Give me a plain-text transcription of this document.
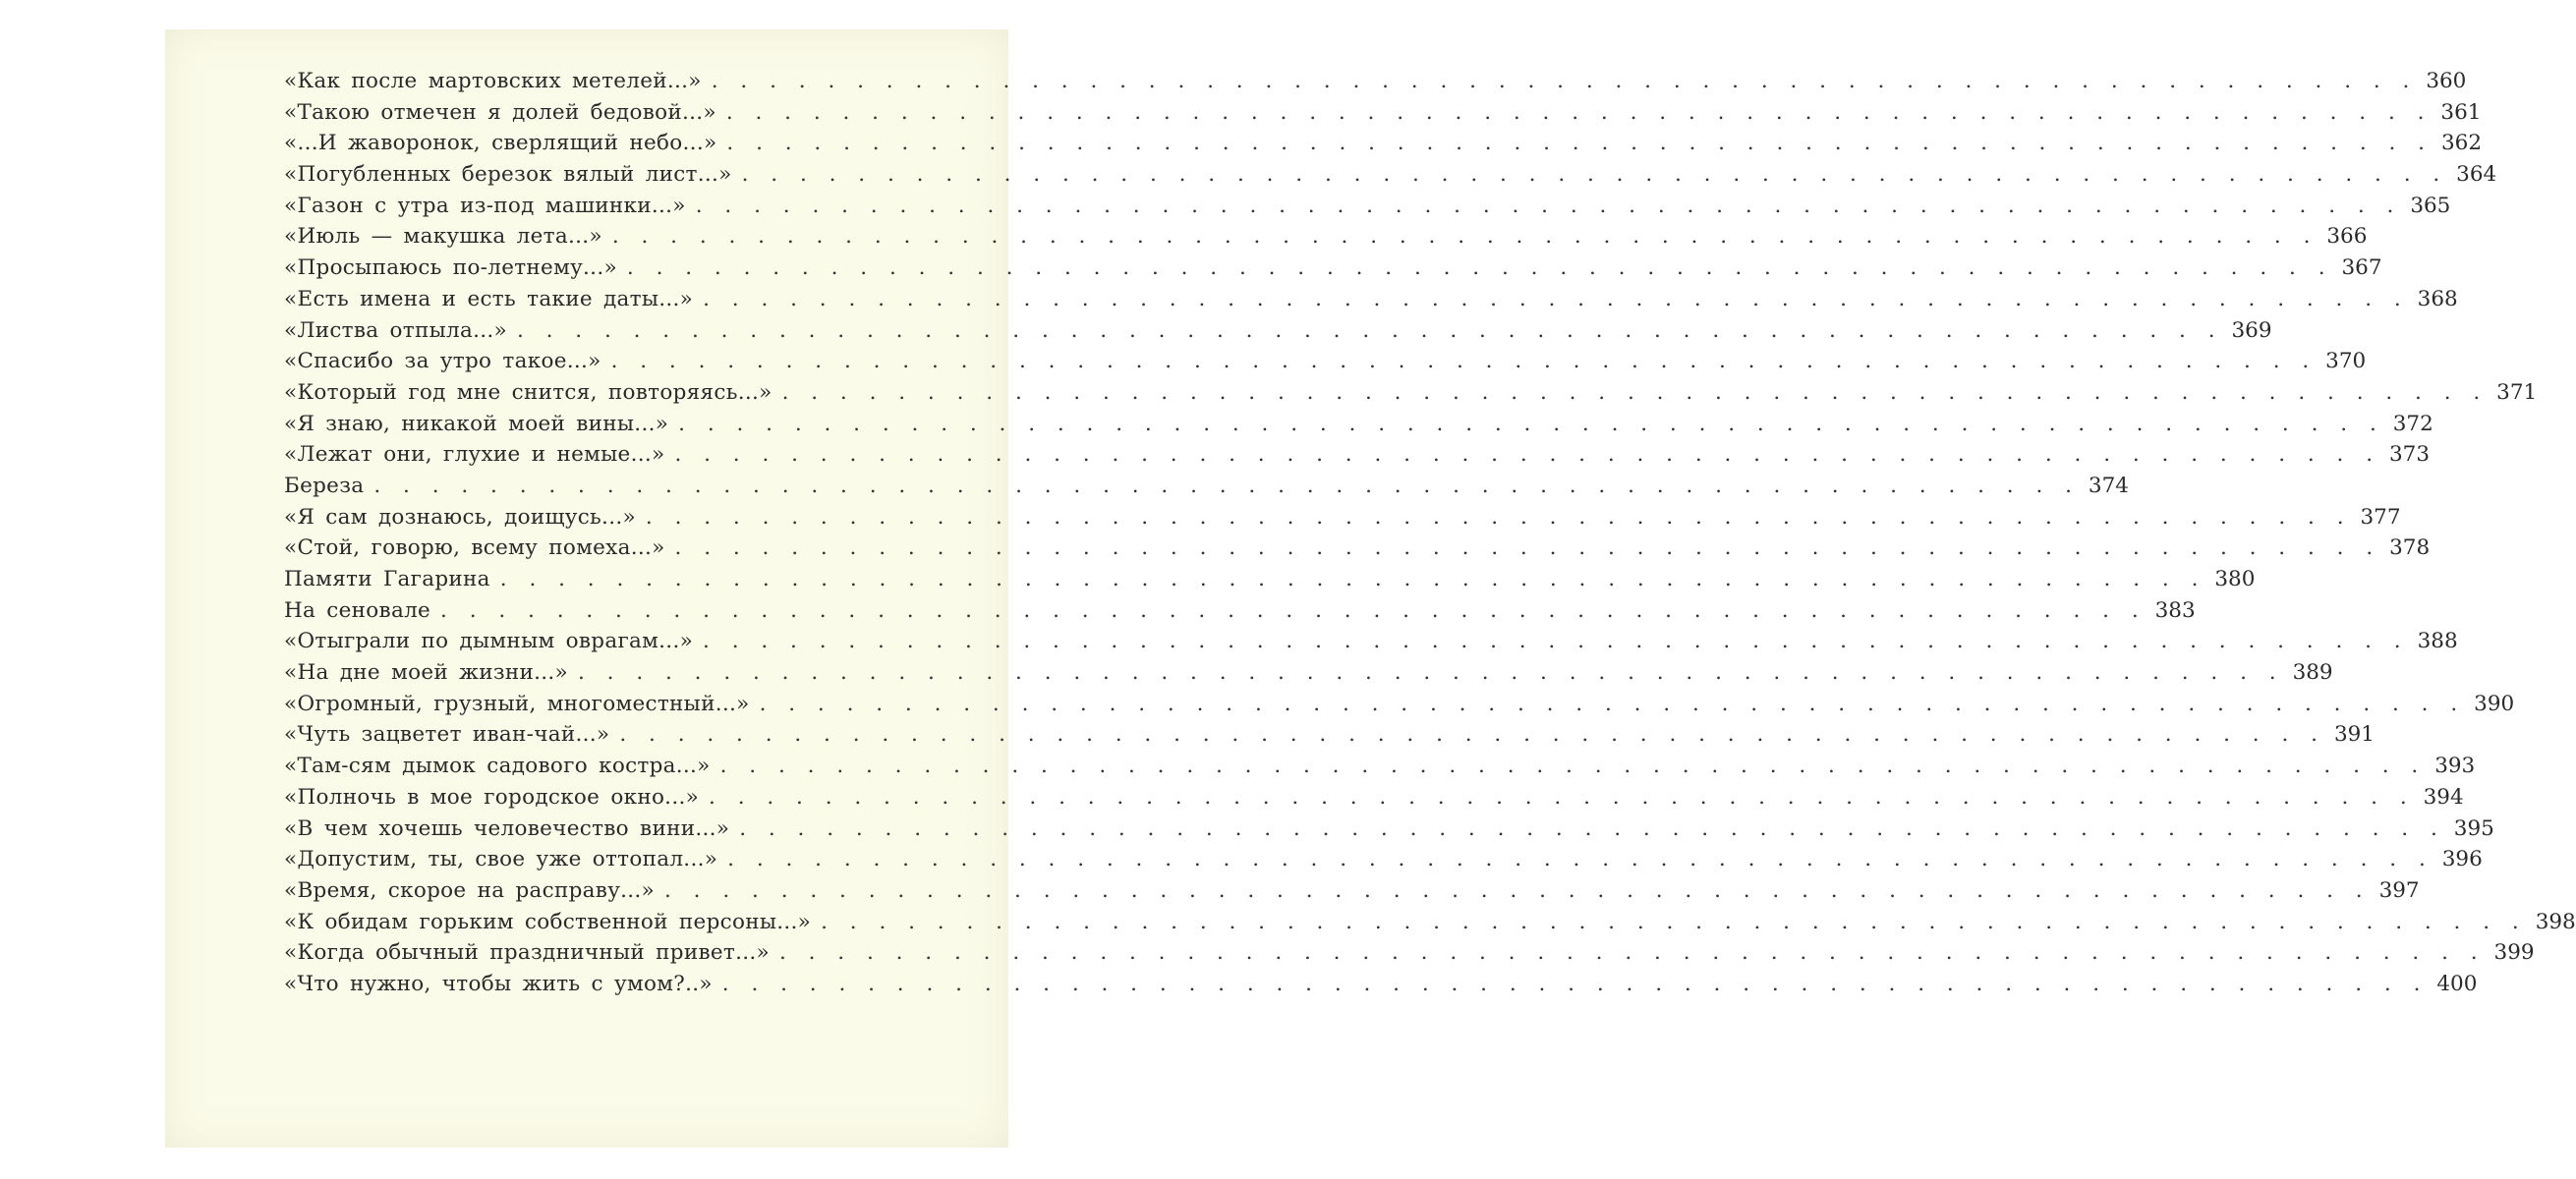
«Как после мартовских метелей...» . . .	360
«Такою отмечен я долей бедовой...» . . .	361
«...И жаворонок, сверлящий небо...» . . .	362
«Погубленных березок вялый лист...» . . .	364
«Газон с утра из-под машинки...» . . .	365
«Июль — макушка лета...» . . .	366
«Просыпаюсь по-летнему...» . . .	367
«Есть имена и есть такие даты...» . . .	368
«Листва отпыла...» . . .	369
«Спасибо за утро такое...» . . .	370
«Который год мне снится, повторяясь...» . . .	371
«Я знаю, никакой моей вины...» . . .	372
«Лежат они, глухие и немые...» . . .	373
Береза . . .	374
«Я сам дознаюсь, доищусь...» . . .	377
«Стой, говорю, всему помеха...» . . .	378
Памяти Гагарина . . .	380
На сеновале . . .	383
«Отыграли по дымным оврагам...» . . .	388
«На дне моей жизни...» . . .	389
«Огромный, грузный, многоместный...» . . .	390
«Чуть зацветет иван-чай...» . . .	391
«Там-сям дымок садового костра...» . . .	393
«Полночь в мое городское окно...» . . .	394
«В чем хочешь человечество вини...» . . .	395
«Допустим, ты, свое уже оттопал...» . . .	396
«Время, скорое на расправу...» . . .	397
«К обидам горьким собственной персоны...» . . .	398
«Когда обычный праздничный привет...» . . .	399
«Что нужно, чтобы жить с умом?..» . . .	400
